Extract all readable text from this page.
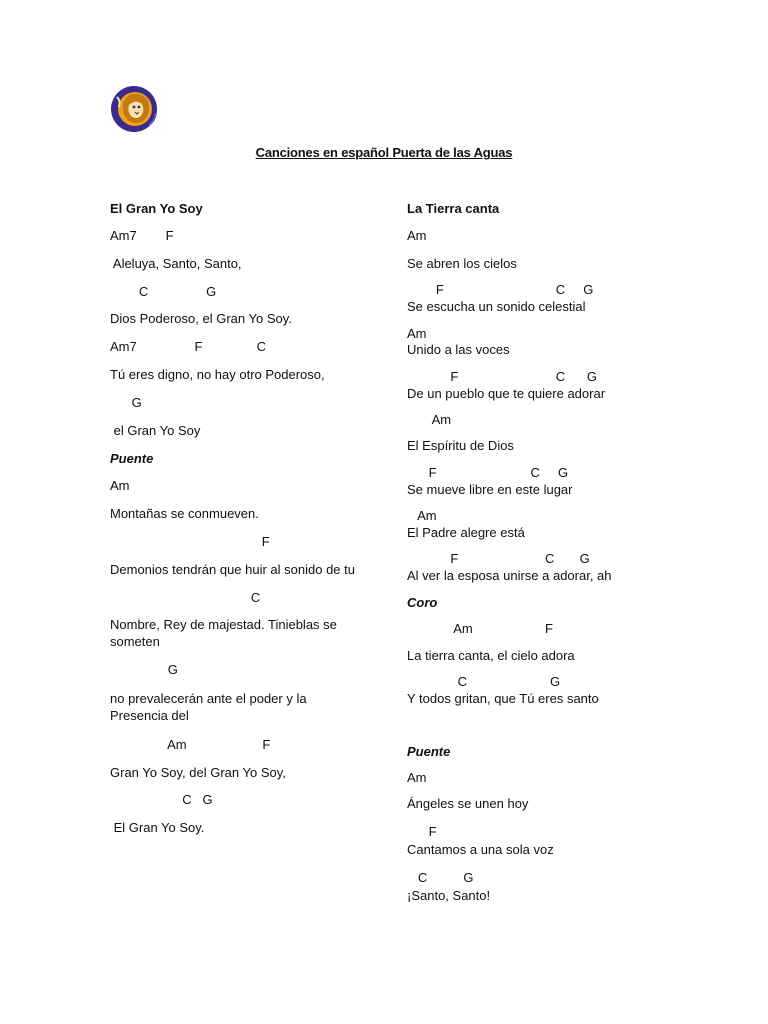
Canciones en español Puerta de las Aguas
El Gran Yo Soy
Am7        F
Aleluya, Santo, Santo,
C                G
Dios Poderoso, el Gran Yo Soy.
Am7                F               C
Tú eres digno, no hay otro Poderoso,
G
el Gran Yo Soy
Puente
Am
Montañas se conmueven.
F
Demonios tendrán que huir al sonido de tu
C
Nombre, Rey de majestad. Tinieblas se someten
G
no prevalecerán ante el poder y la Presencia del
Am                     F
Gran Yo Soy, del Gran Yo Soy,
C   G
El Gran Yo Soy.
La Tierra canta
Am
Se abren los cielos
F                               C     G
Se escucha un sonido celestial
Am
Unido a las voces
F                           C      G
De un pueblo que te quiere adorar
Am
El Espíritu de Dios
F                          C     G
Se mueve libre en este lugar
Am
El Padre alegre está
F                        C       G
Al ver la esposa unirse a adorar, ah
Coro
Am                    F
La tierra canta, el cielo adora
C                       G
Y todos gritan, que Tú eres santo
Puente
Am
Ángeles se unen hoy
F
Cantamos a una sola voz
C          G
¡Santo, Santo!
